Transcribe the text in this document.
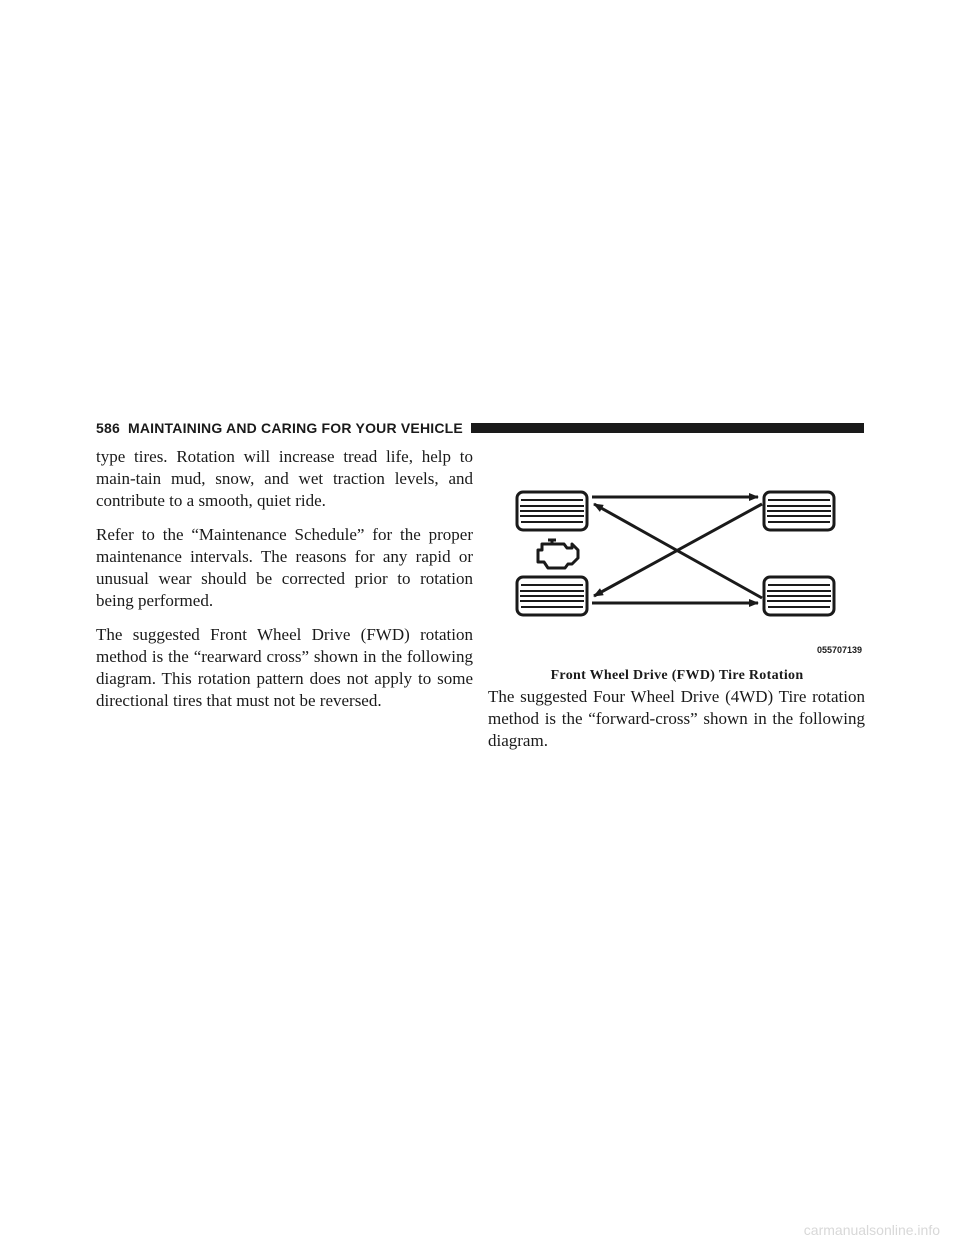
586 MAINTAINING AND CARING FOR YOUR VEHICLE

type tires. Rotation will increase tread life, help to main-tain mud, snow, and wet traction levels, and contribute to a smooth, quiet ride.

Refer to the “Maintenance Schedule” for the proper maintenance intervals. The reasons for any rapid or unusual wear should be corrected prior to rotation being performed.

The suggested Front Wheel Drive (FWD) rotation method is the “rearward cross” shown in the following diagram. This rotation pattern does not apply to some directional tires that must not be reversed.

055707139
Front Wheel Drive (FWD) Tire Rotation

The suggested Four Wheel Drive (4WD) Tire rotation method is the “forward-cross” shown in the following diagram.

carmanualsonline.info
